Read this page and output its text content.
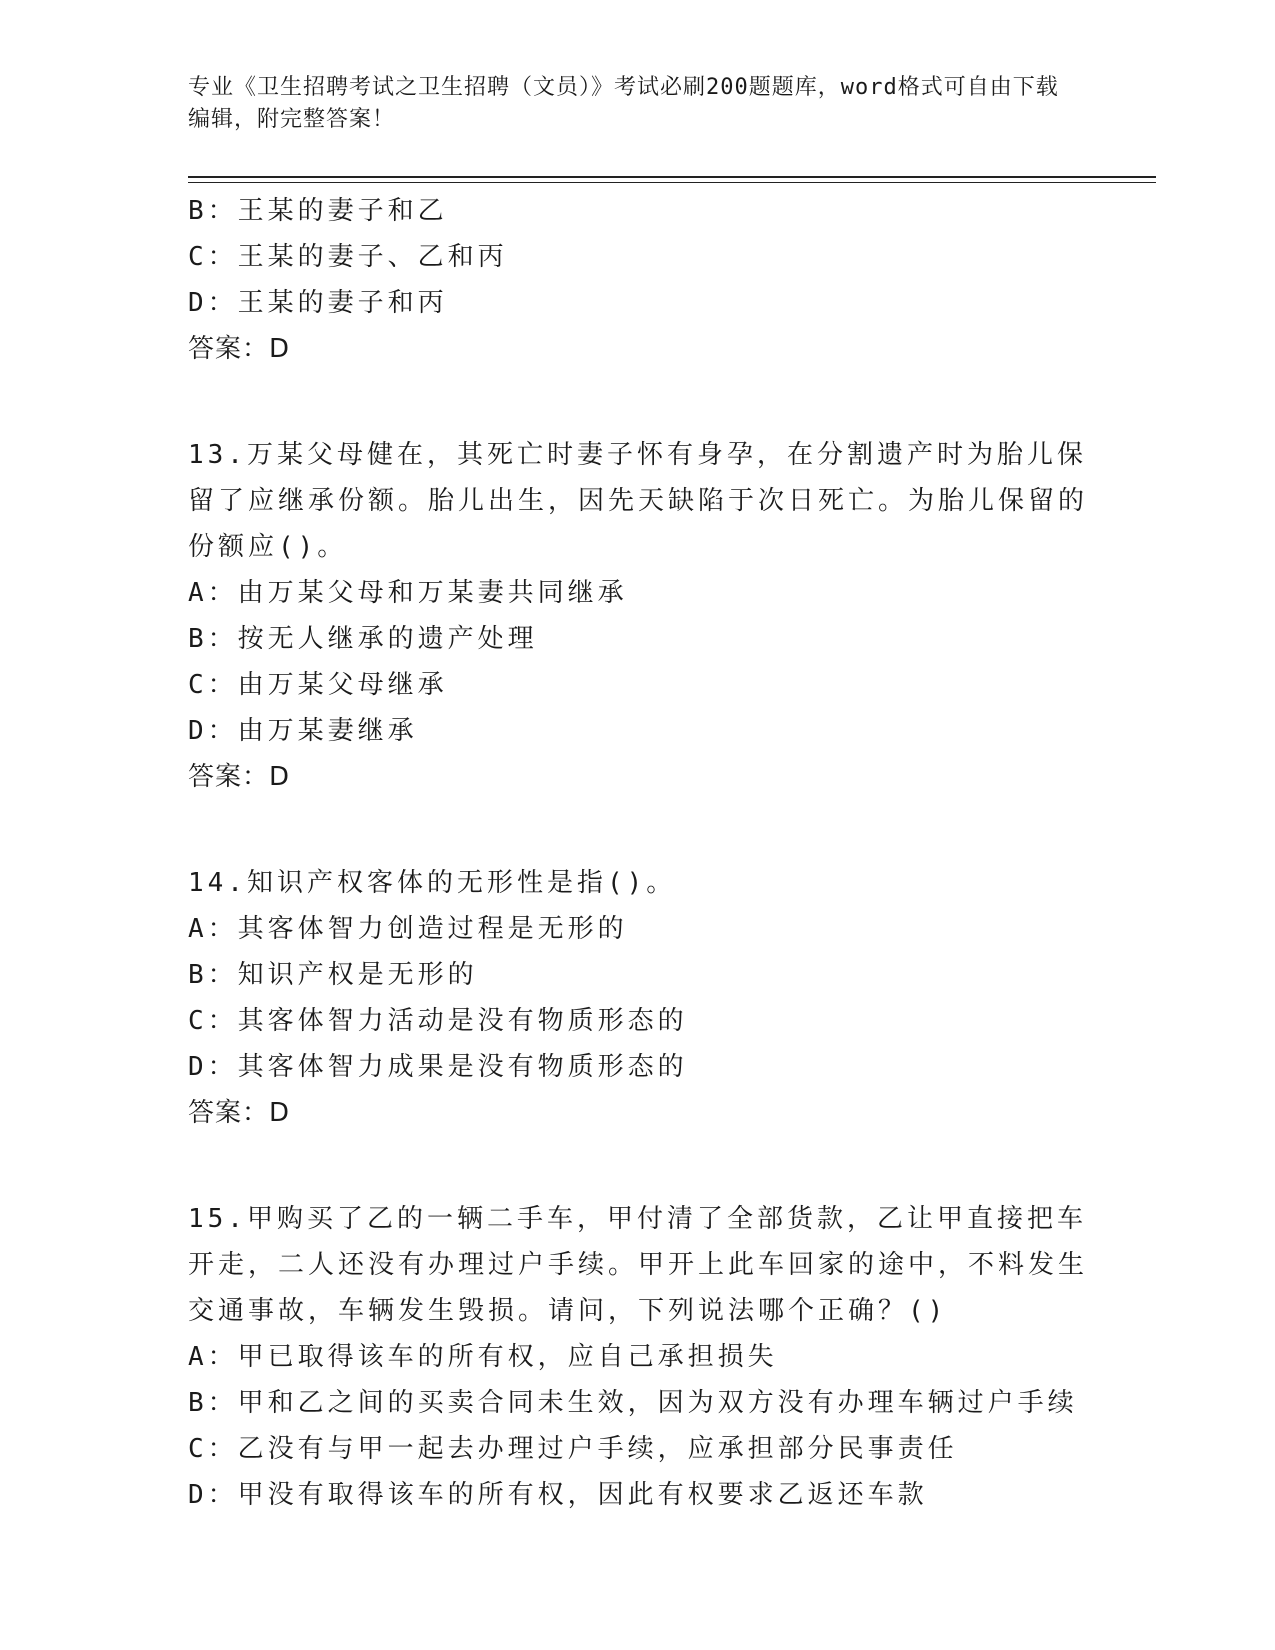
专业《卫生招聘考试之卫生招聘（文员）》考试必刷200题题库，word格式可自由下载编辑，附完整答案！
B：王某的妻子和乙
C：王某的妻子、乙和丙
D：王某的妻子和丙
答案：D
13.万某父母健在，其死亡时妻子怀有身孕，在分割遗产时为胎儿保留了应继承份额。胎儿出生，因先天缺陷于次日死亡。为胎儿保留的份额应()。
A：由万某父母和万某妻共同继承
B：按无人继承的遗产处理
C：由万某父母继承
D：由万某妻继承
答案：D
14.知识产权客体的无形性是指()。
A：其客体智力创造过程是无形的
B：知识产权是无形的
C：其客体智力活动是没有物质形态的
D：其客体智力成果是没有物质形态的
答案：D
15.甲购买了乙的一辆二手车，甲付清了全部货款，乙让甲直接把车开走，二人还没有办理过户手续。甲开上此车回家的途中，不料发生交通事故，车辆发生毁损。请问，下列说法哪个正确？()
A：甲已取得该车的所有权，应自己承担损失
B：甲和乙之间的买卖合同未生效，因为双方没有办理车辆过户手续
C：乙没有与甲一起去办理过户手续，应承担部分民事责任
D：甲没有取得该车的所有权，因此有权要求乙返还车款
